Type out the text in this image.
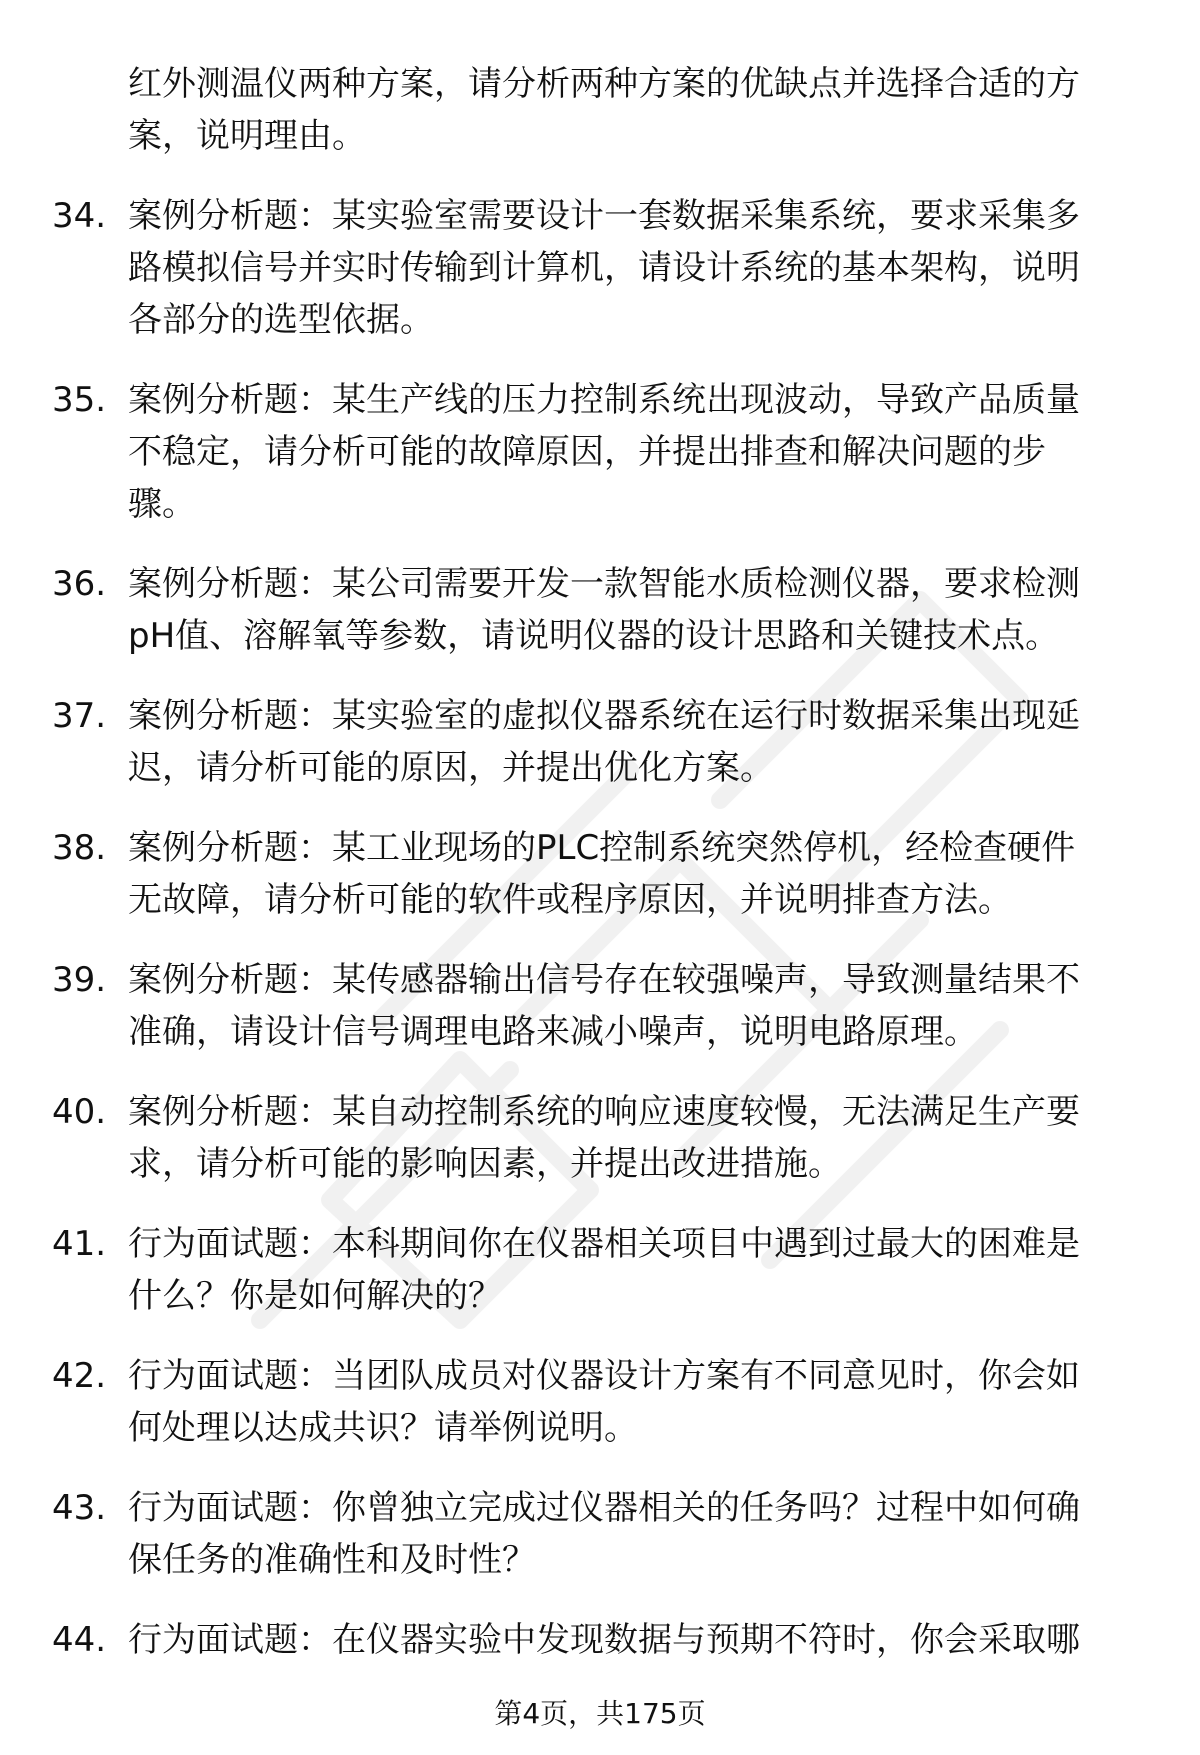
红外测温仪两种方案，请分析两种方案的优缺点并选择合适的方
案，说明理由。
34. 案例分析题：某实验室需要设计一套数据采集系统，要求采集多
路模拟信号并实时传输到计算机，请设计系统的基本架构，说明
各部分的选型依据。
35. 案例分析题：某生产线的压力控制系统出现波动，导致产品质量
不稳定，请分析可能的故障原因，并提出排查和解决问题的步
骤。
36. 案例分析题：某公司需要开发一款智能水质检测仪器，要求检测
pH值、溶解氧等参数，请说明仪器的设计思路和关键技术点。
37. 案例分析题：某实验室的虚拟仪器系统在运行时数据采集出现延
迟，请分析可能的原因，并提出优化方案。
38. 案例分析题：某工业现场的PLC控制系统突然停机，经检查硬件
无故障，请分析可能的软件或程序原因，并说明排查方法。
39. 案例分析题：某传感器输出信号存在较强噪声，导致测量结果不
准确，请设计信号调理电路来减小噪声，说明电路原理。
40. 案例分析题：某自动控制系统的响应速度较慢，无法满足生产要
求，请分析可能的影响因素，并提出改进措施。
41. 行为面试题：本科期间你在仪器相关项目中遇到过最大的困难是
什么？你是如何解决的？
42. 行为面试题：当团队成员对仪器设计方案有不同意见时，你会如
何处理以达成共识？请举例说明。
43. 行为面试题：你曾独立完成过仪器相关的任务吗？过程中如何确
保任务的准确性和及时性？
44. 行为面试题：在仪器实验中发现数据与预期不符时，你会采取哪
第4页，共175页
